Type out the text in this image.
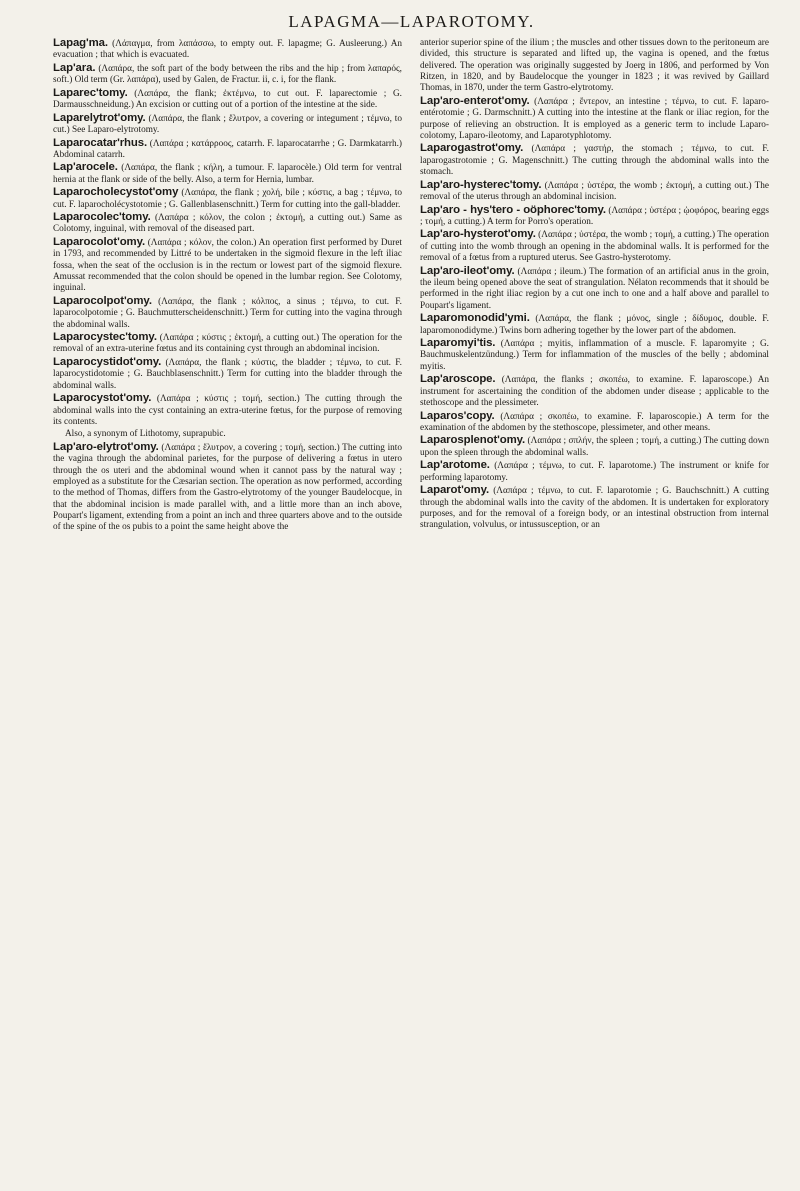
LAPAGMA—LAPAROTOMY.

Lapag'ma. (Λάπαγμα, from λαπάσσω, to empty out. F. lapagme; G. Ausleerung.) An evacuation ; that which is evacuated.

Lap'ara. (Λαπάρα, the soft part of the body between the ribs and the hip ; from λαπαρός, soft.) Old term (Gr. λαπάρα), used by Galen, de Fractur. ii, c. i, for the flank.

Laparec'tomy. (Λαπάρα, the flank; ἐκτέμνω, to cut out. F. laparectomie ; G. Darmausschneidung.) An excision or cutting out of a portion of the intestine at the side.

Laparelytrot'omy. (Λαπάρα, the flank ; ἔλυτρον, a covering or integument ; τέμνω, to cut.) See Laparo-elytrotomy.

Laparocatar'rhus. (Λαπάρα ; κατάρροος, catarrh. F. laparocatarrhe ; G. Darmkatarrh.) Abdominal catarrh.

Lap'arocele. (Λαπάρα, the flank ; κήλη, a tumour. F. laparocèle.) Old term for ventral hernia at the flank or side of the belly. Also, a term for Hernia, lumbar.

Laparocholecystot'omy (Λαπάρα, the flank ; χολή, bile ; κύστις, a bag ; τέμνω, to cut. F. laparocholécystotomie ; G. Gallenblasenschnitt.) Term for cutting into the gall-bladder.

Laparocolec'tomy. (Λαπάρα ; κόλον, the colon ; ἐκτομή, a cutting out.) Same as Colotomy, inguinal, with removal of the diseased part.

Laparocolot'omy. (Λαπάρα ; κόλον, the colon.) An operation first performed by Duret in 1793, and recommended by Littré to be undertaken in the sigmoid flexure in the left iliac fossa, when the seat of the occlusion is in the rectum or lowest part of the sigmoid flexure. Amussat recommended that the colon should be opened in the lumbar region. See Colotomy, inguinal.

Laparocolpot'omy. (Λαπάρα, the flank ; κόλπος, a sinus ; τέμνω, to cut. F. laparocolpotomie ; G. Bauchmutterscheidenschnitt.) Term for cutting into the vagina through the abdominal walls.

Laparocystec'tomy. (Λαπάρα ; κύστις ; ἐκτομή, a cutting out.) The operation for the removal of an extra-uterine fœtus and its containing cyst through an abdominal incision.

Laparocystidot'omy. (Λαπάρα, the flank ; κύστις, the bladder ; τέμνω, to cut. F. laparocystidotomie ; G. Bauchblasenschnitt.) Term for cutting into the bladder through the abdominal walls.

Laparocystot'omy. (Λαπάρα ; κύστις ; τομή, section.) The cutting through the abdominal walls into the cyst containing an extra-uterine fœtus, for the purpose of removing its contents.

Also, a synonym of Lithotomy, suprapubic.

Lap'aro-elytrot'omy. (Λαπάρα ; ἔλυτρον, a covering ; τομή, section.) The cutting into the vagina through the abdominal parietes, for the purpose of delivering a fœtus in utero through the os uteri and the abdominal wound when it cannot pass by the natural way ; employed as a substitute for the Cæsarian section. The operation as now performed, according to the method of Thomas, differs from the Gastro-elytrotomy of the younger Baudelocque, in that the abdominal incision is made parallel with, and a little more than an inch above, Poupart's ligament, extending from a point an inch and three quarters above and to the outside of the spine of the os pubis to a point the same height above the

anterior superior spine of the ilium ; the muscles and other tissues down to the peritoneum are divided, this structure is separated and lifted up, the vagina is opened, and the fœtus delivered. The operation was originally suggested by Joerg in 1806, and performed by Von Ritzen, in 1820, and by Baudelocque the younger in 1823 ; it was revived by Gaillard Thomas, in 1870, under the term Gastro-elytrotomy.

Lap'aro-enterot'omy. (Λαπάρα ; ἔντερον, an intestine ; τέμνω, to cut. F. laparo-entérotomie ; G. Darmschnitt.) A cutting into the intestine at the flank or iliac region, for the purpose of relieving an obstruction. It is employed as a generic term to include Laparo-colotomy, Laparo-ileotomy, and Laparotyphlotomy.

Laparogastrot'omy. (Λαπάρα ; γαστήρ, the stomach ; τέμνω, to cut. F. laparogastrotomie ; G. Magenschnitt.) The cutting through the abdominal walls into the stomach.

Lap'aro-hysterec'tomy. (Λαπάρα ; ὑστέρα, the womb ; ἐκτομή, a cutting out.) The removal of the uterus through an abdominal incision.

Lap'aro - hys'tero - oöphorec'tomy. (Λαπάρα ; ὑστέρα ; ᾠοφόρος, bearing eggs ; τομή, a cutting.) A term for Porro's operation.

Lap'aro-hysterot'omy. (Λαπάρα ; ὑστέρα, the womb ; τομή, a cutting.) The operation of cutting into the womb through an opening in the abdominal walls. It is performed for the removal of a fœtus from a ruptured uterus. See Gastro-hysterotomy.

Lap'aro-ileot'omy. (Λαπάρα ; ileum.) The formation of an artificial anus in the groin, the ileum being opened above the seat of strangulation. Nélaton recommends that it should be performed in the right iliac region by a cut one inch to one and a half above and parallel to Poupart's ligament.

Laparomonodid'ymi. (Λαπάρα, the flank ; μόνος, single ; δίδυμος, double. F. laparomonodidyme.) Twins born adhering together by the lower part of the abdomen.

Laparomyi'tis. (Λαπάρα ; myitis, inflammation of a muscle. F. laparomyite ; G. Bauchmuskelentzündung.) Term for inflammation of the muscles of the belly ; abdominal myitis.

Lap'aroscope. (Λαπάρα, the flanks ; σκοπέω, to examine. F. laparoscope.) An instrument for ascertaining the condition of the abdomen under disease ; applicable to the stethoscope and the plessimeter.

Laparos'copy. (Λαπάρα ; σκοπέω, to examine. F. laparoscopie.) A term for the examination of the abdomen by the stethoscope, plessimeter, and other means.

Laparosplenot'omy. (Λαπάρα ; σπλήν, the spleen ; τομή, a cutting.) The cutting down upon the spleen through the abdominal walls.

Lap'arotome. (Λαπάρα ; τέμνω, to cut. F. laparotome.) The instrument or knife for performing laparotomy.

Laparot'omy. (Λαπάρα ; τέμνω, to cut. F. laparotomie ; G. Bauchschnitt.) A cutting through the abdominal walls into the cavity of the abdomen. It is undertaken for exploratory purposes, and for the removal of a foreign body, or an intestinal obstruction from internal strangulation, volvulus, or intussusception, or an
